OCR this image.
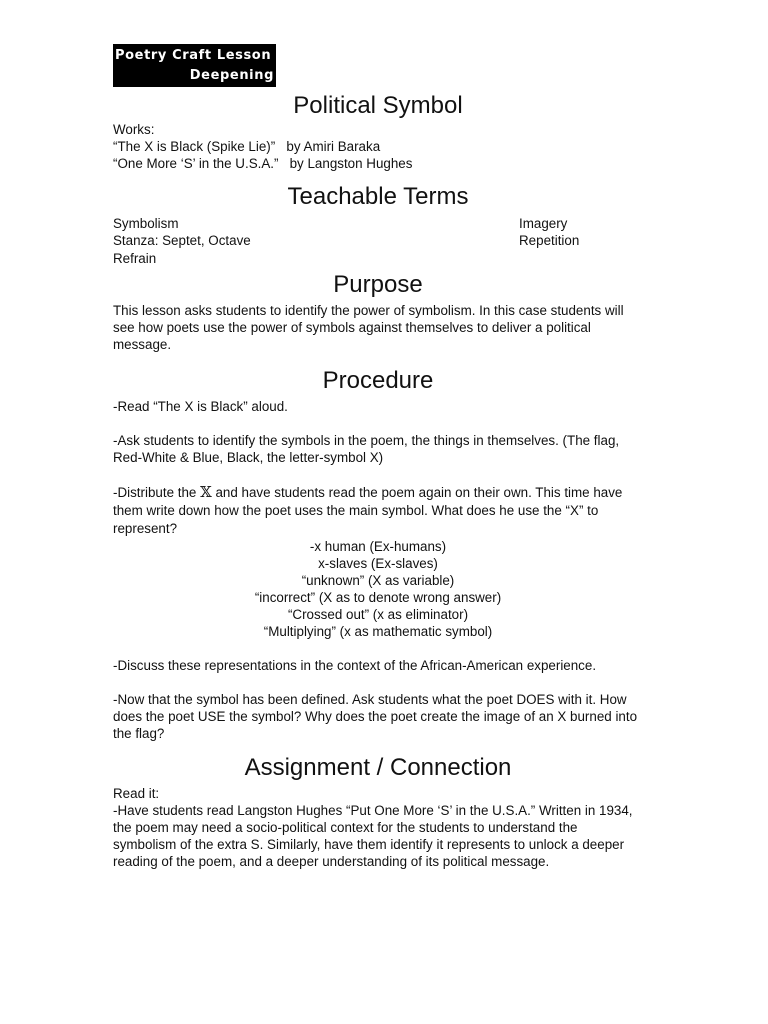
Poetry Craft Lesson
Deepening
Political Symbol

Works:

“The X is Black (Spike Lie)”   by Amiri Baraka

“One More ‘S’ in the U.S.A.”   by Langston Hughes

Teachable Terms

Symbolism

Stanza: Septet, Octave

Refrain

Imagery

Repetition

Purpose

This lesson asks students to identify the power of symbolism. In this case students will see how poets use the power of symbols against themselves to deliver a political message.

Procedure

-Read “The X is Black” aloud.

-Ask students to identify the symbols in the poem, the things in themselves. (The flag, Red-White & Blue, Black, the letter-symbol X)

-Distribute the 𝕏 and have students read the poem again on their own. This time have them write down how the poet uses the main symbol. What does he use the “X” to represent?

-x human (Ex-humans)

x-slaves (Ex-slaves)

“unknown” (X as variable)

“incorrect” (X as to denote wrong answer)

“Crossed out” (x as eliminator)

“Multiplying” (x as mathematic symbol)

-Discuss these representations in the context of the African-American experience.

-Now that the symbol has been defined. Ask students what the poet DOES with it. How does the poet USE the symbol? Why does the poet create the image of an X burned into the flag?

Assignment / Connection

Read it:

-Have students read Langston Hughes “Put One More ‘S’ in the U.S.A.” Written in 1934, the poem may need a socio-political context for the students to understand the symbolism of the extra S. Similarly, have them identify it represents to unlock a deeper reading of the poem, and a deeper understanding of its political message.
